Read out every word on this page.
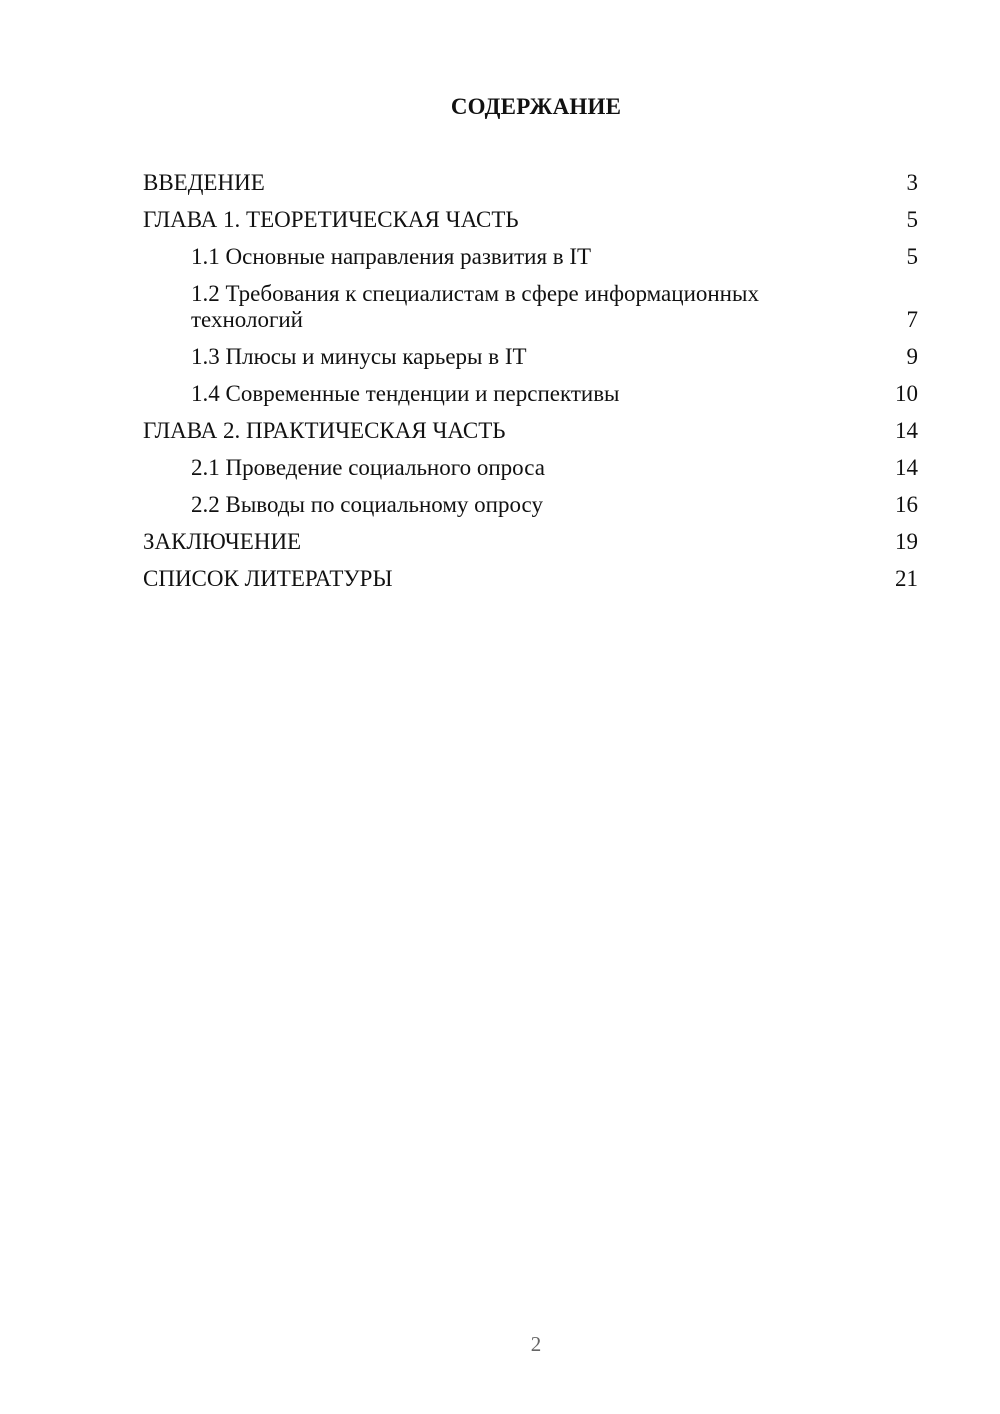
СОДЕРЖАНИЕ
ВВЕДЕНИЕ	3
ГЛАВА 1. ТЕОРЕТИЧЕСКАЯ ЧАСТЬ	5
1.1 Основные направления развития в IT	5
1.2 Требования к специалистам в сфере информационных технологий	7
1.3 Плюсы и минусы карьеры в IT	9
1.4 Современные тенденции и перспективы	10
ГЛАВА 2. ПРАКТИЧЕСКАЯ ЧАСТЬ	14
2.1 Проведение социального опроса	14
2.2 Выводы по социальному опросу	16
ЗАКЛЮЧЕНИЕ	19
СПИСОК ЛИТЕРАТУРЫ	21
2
